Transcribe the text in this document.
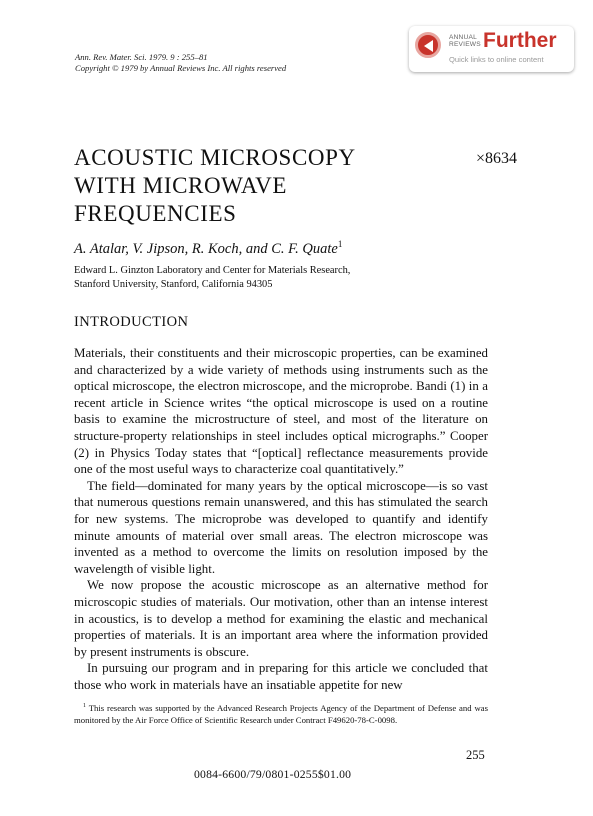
Ann. Rev. Mater. Sci. 1979. 9 : 255–81
Copyright © 1979 by Annual Reviews Inc. All rights reserved
ANNUAL
REVIEWS Further
Quick links to online content
ACOUSTIC MICROSCOPY
WITH MICROWAVE
FREQUENCIES
×8634
A. Atalar, V. Jipson, R. Koch, and C. F. Quate$^1$
Edward L. Ginzton Laboratory and Center for Materials Research,
Stanford University, Stanford, California 94305
INTRODUCTION

Materials, their constituents and their microscopic properties, can be examined and characterized by a wide variety of methods using instruments such as the optical microscope, the electron microscope, and the microprobe. Bandi (1) in a recent article in Science writes “the optical microscope is used on a routine basis to examine the microstructure of steel, and most of the literature on structure-property relationships in steel includes optical micrographs.” Cooper (2) in Physics Today states that “[optical] reflectance measurements provide one of the most useful ways to characterize coal quantitatively.”

The field—dominated for many years by the optical microscope—is so vast that numerous questions remain unanswered, and this has stimulated the search for new systems. The microprobe was developed to quantify and identify minute amounts of material over small areas. The electron microscope was invented as a method to overcome the limits on resolution imposed by the wavelength of visible light.

We now propose the acoustic microscope as an alternative method for microscopic studies of materials. Our motivation, other than an intense interest in acoustics, is to develop a method for examining the elastic and mechanical properties of materials. It is an important area where the information provided by present instruments is obscure.

In pursuing our program and in preparing for this article we concluded that those who work in materials have an insatiable appetite for new

$^1$ This research was supported by the Advanced Research Projects Agency of the Department of Defense and was monitored by the Air Force Office of Scientific Research under Contract F49620-78-C-0098.
255
0084-6600/79/0801-0255$01.00
